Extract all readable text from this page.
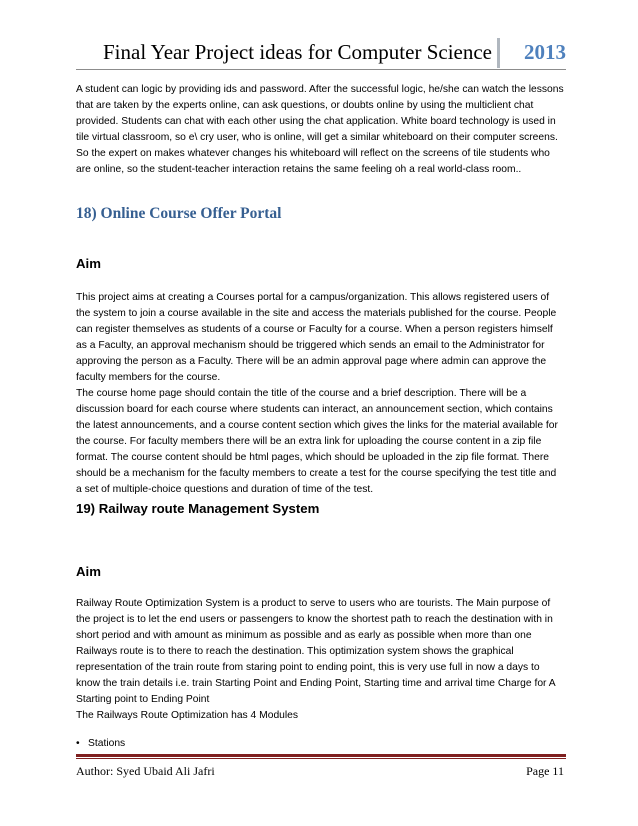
Final Year Project ideas for Computer Science	2013

A student can logic by providing ids and password. After the successful logic, he/she can watch the lessons that are taken by the experts online, can ask questions, or doubts online by using the multiclient chat provided. Students can chat with each other using the chat application. White board technology is used in tile virtual classroom, so e\ cry user, who is online, will get a similar whiteboard on their computer screens. So the expert on makes whatever changes his whiteboard will reflect on the screens of tile students who are online, so the student-teacher interaction retains the same feeling oh a real world-class room..

18) Online Course Offer Portal
Aim

This project aims at creating a Courses portal for a campus/organization. This allows registered users of the system to join a course available in the site and access the materials published for the course. People can register themselves as students of a course or Faculty for a course. When a person registers himself as a Faculty, an approval mechanism should be triggered which sends an email to the Administrator for approving the person as a Faculty. There will be an admin approval page where admin can approve the faculty members for the course.

The course home page should contain the title of the course and a brief description. There will be a discussion board for each course where students can interact, an announcement section, which contains the latest announcements, and a course content section which gives the links for the material available for the course. For faculty members there will be an extra link for uploading the course content in a zip file format. The course content should be html pages, which should be uploaded in the zip file format. There should be a mechanism for the faculty members to create a test for the course specifying the test title and a set of multiple-choice questions and duration of time of the test.

19) Railway route Management System
Aim

Railway Route Optimization System is a product to serve to users who are tourists. The Main purpose of the project is to let the end users or passengers to know the shortest path to reach the destination with in short period and with amount as minimum as possible and as early as possible when more than one Railways route is to there to reach the destination. This optimization system shows the graphical representation of the train route from staring point to ending point, this is very use full in now a days to know the train details i.e. train Starting Point and Ending Point, Starting time and arrival time Charge for A Starting point to Ending Point

The Railways Route Optimization has 4 Modules

• Stations
Author: Syed Ubaid Ali Jafri	Page 11
